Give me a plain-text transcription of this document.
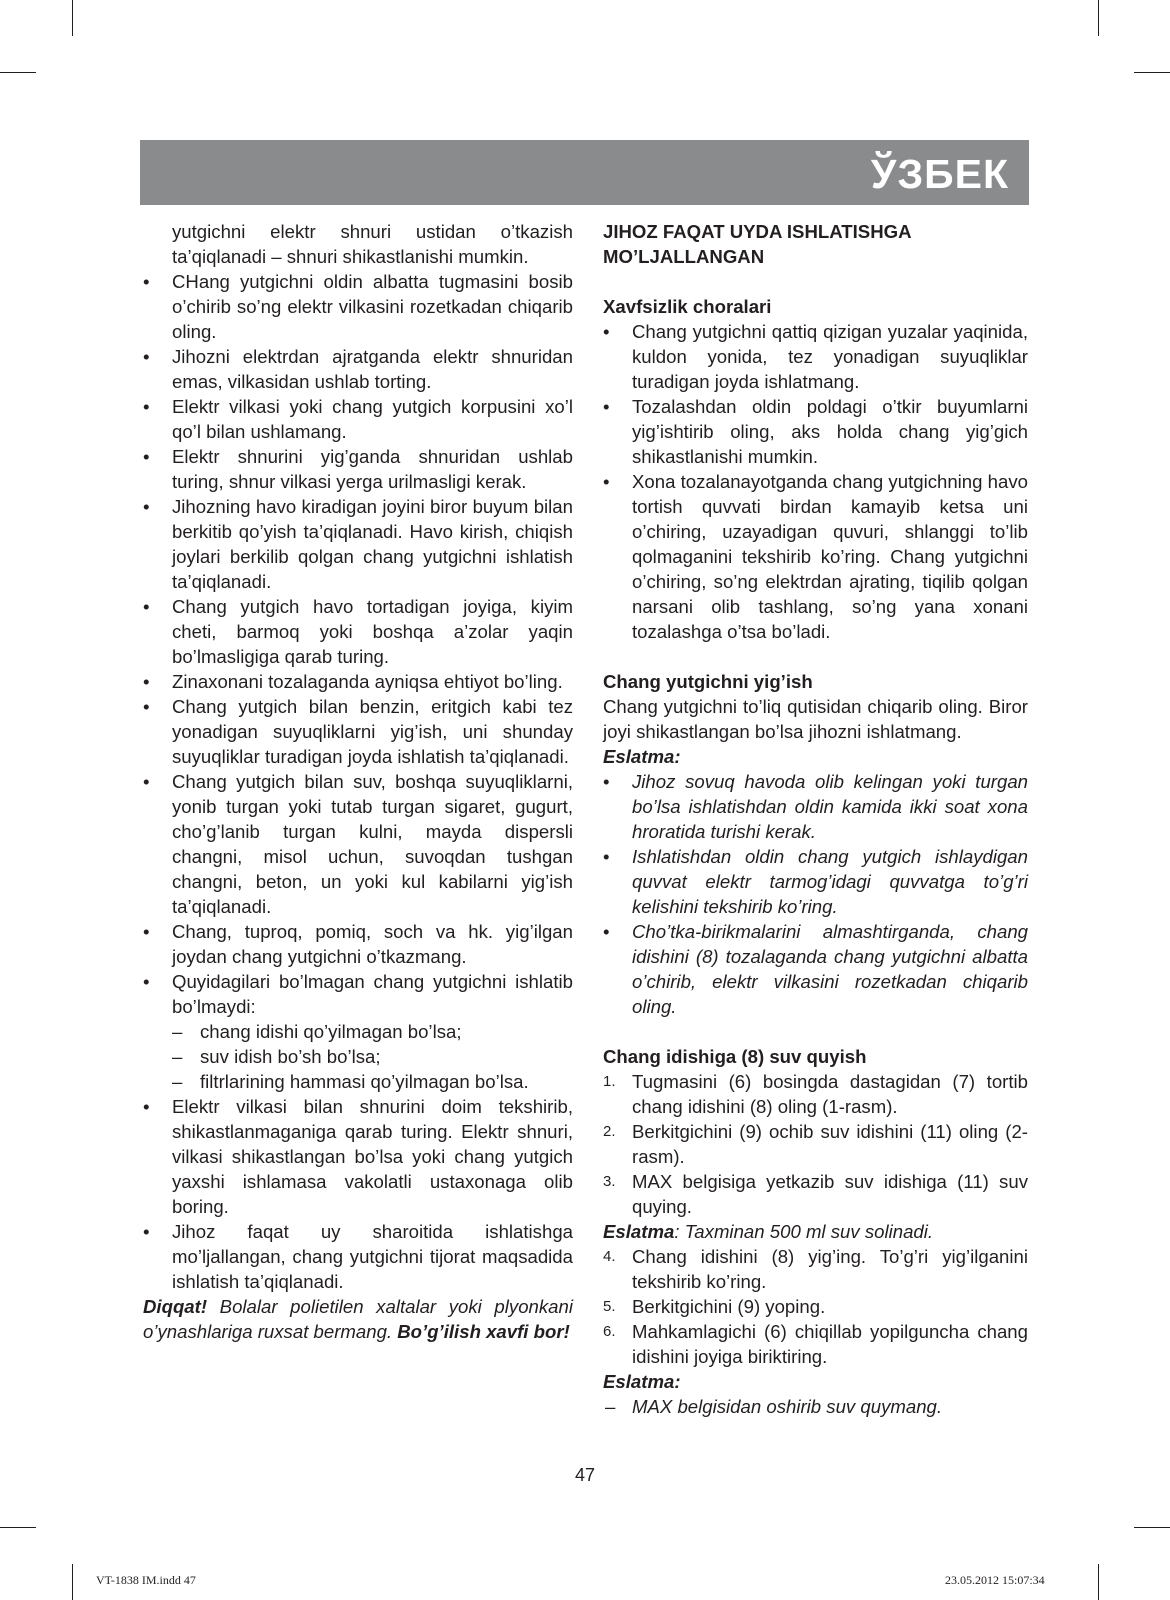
ЎЗБЕК

yutgichni elektr shnuri ustidan o’tkazish ta’qiqlanadi – shnuri shikastlanishi mumkin.

• CHang yutgichni oldin albatta tugmasini bosib o’chirib so’ng elektr vilkasini rozetkadan chiqarib oling.
• Jihozni elektrdan ajratganda elektr shnuridan emas, vilkasidan ushlab torting.
• Elektr vilkasi yoki chang yutgich korpusini xo’l qo’l bilan ushlamang.
• Elektr shnurini yig’ganda shnuridan ushlab turing, shnur vilkasi yerga urilmasligi kerak.
• Jihozning havo kiradigan joyini biror buyum bilan berkitib qo’yish ta’qiqlanadi. Havo kirish, chiqish joylari berkilib qolgan chang yutgichni ishlatish ta’qiqlanadi.
• Chang yutgich havo tortadigan joyiga, kiyim cheti, barmoq yoki boshqa a’zolar yaqin bo’lmasligiga qarab turing.
• Zinaxonani tozalaganda ayniqsa ehtiyot bo’ling.
• Chang yutgich bilan benzin, eritgich kabi tez yonadigan suyuqliklarni yig’ish, uni shunday suyuqliklar turadigan joyda ishlatish ta’qiqlanadi.
• Chang yutgich bilan suv, boshqa suyuqliklarni, yonib turgan yoki tutab turgan sigaret, gugurt, cho’g’lanib turgan kulni, mayda dispersli changni, misol uchun, suvoqdan tushgan changni, beton, un yoki kul kabilarni yig’ish ta’qiqlanadi.
• Chang, tuproq, pomiq, soch va hk. yig’ilgan joydan chang yutgichni o’tkazmang.
• Quyidagilari bo’lmagan chang yutgichni ishlatib bo’lmaydi:
– chang idishi qo’yilmagan bo’lsa;
– suv idish bo’sh bo’lsa;
– filtrlarining hammasi qo’yilmagan bo’lsa.
• Elektr vilkasi bilan shnurini doim tekshirib, shikastlanmaganiga qarab turing. Elektr shnuri, vilkasi shikastlangan bo’lsa yoki chang yutgich yaxshi ishlamasa vakolatli ustaxonaga olib boring.
• Jihoz faqat uy sharoitida ishlatishga mo’ljallangan, chang yutgichni tijorat maqsadida ishlatish ta’qiqlanadi.

Diqqat! Bolalar polietilen xaltalar yoki plyonkani o’ynashlariga ruxsat bermang. Bo’g’ilish xavfi bor!

JIHOZ FAQAT UYDA ISHLATISHGA

MO’LJALLANGAN

Xavfsizlik choralari

• Chang yutgichni qattiq qizigan yuzalar yaqinida, kuldon yonida, tez yonadigan suyuqliklar turadigan joyda ishlatmang.
• Tozalashdan oldin poldagi o’tkir buyumlarni yig’ishtirib oling, aks holda chang yig’gich shikastlanishi mumkin.
• Xona tozalanayotganda chang yutgichning havo tortish quvvati birdan kamayib ketsa uni o’chiring, uzayadigan quvuri, shlanggi to’lib qolmaganini tekshirib ko’ring. Chang yutgichni o’chiring, so’ng elektrdan ajrating, tiqilib qolgan narsani olib tashlang, so’ng yana xonani tozalashga o’tsa bo’ladi.

Chang yutgichni yig’ish

Chang yutgichni to’liq qutisidan chiqarib oling. Biror joyi shikastlangan bo’lsa jihozni ishlatmang.

Eslatma:

• Jihoz sovuq havoda olib kelingan yoki turgan bo’lsa ishlatishdan oldin kamida ikki soat xona hroratida turishi kerak.
• Ishlatishdan oldin chang yutgich ishlaydigan quvvat elektr tarmog’idagi quvvatga to’g’ri kelishini tekshirib ko’ring.
• Cho’tka-birikmalarini almashtirganda, chang idishini (8) tozalaganda chang yutgichni albatta o’chirib, elektr vilkasini rozetkadan chiqarib oling.

Chang idishiga (8) suv quyish

1. Tugmasini (6) bosingda dastagidan (7) tortib chang idishini (8) oling (1-rasm).
2. Berkitgichini (9) ochib suv idishini (11) oling (2-rasm).
3. MAX belgisiga yetkazib suv idishiga (11) suv quying.

Eslatma: Taxminan 500 ml suv solinadi.

4. Chang idishini (8) yig’ing. To’g’ri yig’ilganini tekshirib ko’ring.
5. Berkitgichini (9) yoping.
6. Mahkamlagichi (6) chiqillab yopilguncha chang idishini joyiga biriktiring.

Eslatma:

– MAX belgisidan oshirib suv quymang.
47
VT-1838 IM.indd 47	23.05.2012 15:07:34
